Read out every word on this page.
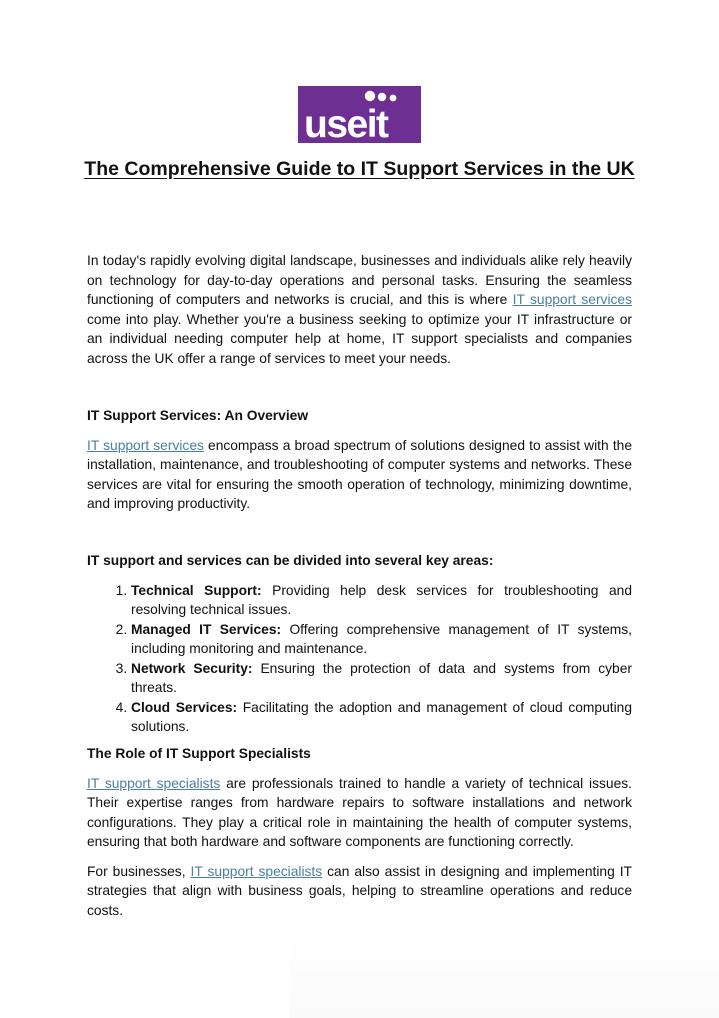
useit
The Comprehensive Guide to IT Support Services in the UK

In today's rapidly evolving digital landscape, businesses and individuals alike rely heavily on technology for day-to-day operations and personal tasks. Ensuring the seamless functioning of computers and networks is crucial, and this is where IT support services come into play. Whether you're a business seeking to optimize your IT infrastructure or an individual needing computer help at home, IT support specialists and companies across the UK offer a range of services to meet your needs.

IT Support Services: An Overview

IT support services encompass a broad spectrum of solutions designed to assist with the installation, maintenance, and troubleshooting of computer systems and networks. These services are vital for ensuring the smooth operation of technology, minimizing downtime, and improving productivity.

IT support and services can be divided into several key areas:
1. Technical Support: Providing help desk services for troubleshooting and resolving technical issues.
2. Managed IT Services: Offering comprehensive management of IT systems, including monitoring and maintenance.
3. Network Security: Ensuring the protection of data and systems from cyber threats.
4. Cloud Services: Facilitating the adoption and management of cloud computing solutions.
The Role of IT Support Specialists

IT support specialists are professionals trained to handle a variety of technical issues. Their expertise ranges from hardware repairs to software installations and network configurations. They play a critical role in maintaining the health of computer systems, ensuring that both hardware and software components are functioning correctly.

For businesses, IT support specialists can also assist in designing and implementing IT strategies that align with business goals, helping to streamline operations and reduce costs.
